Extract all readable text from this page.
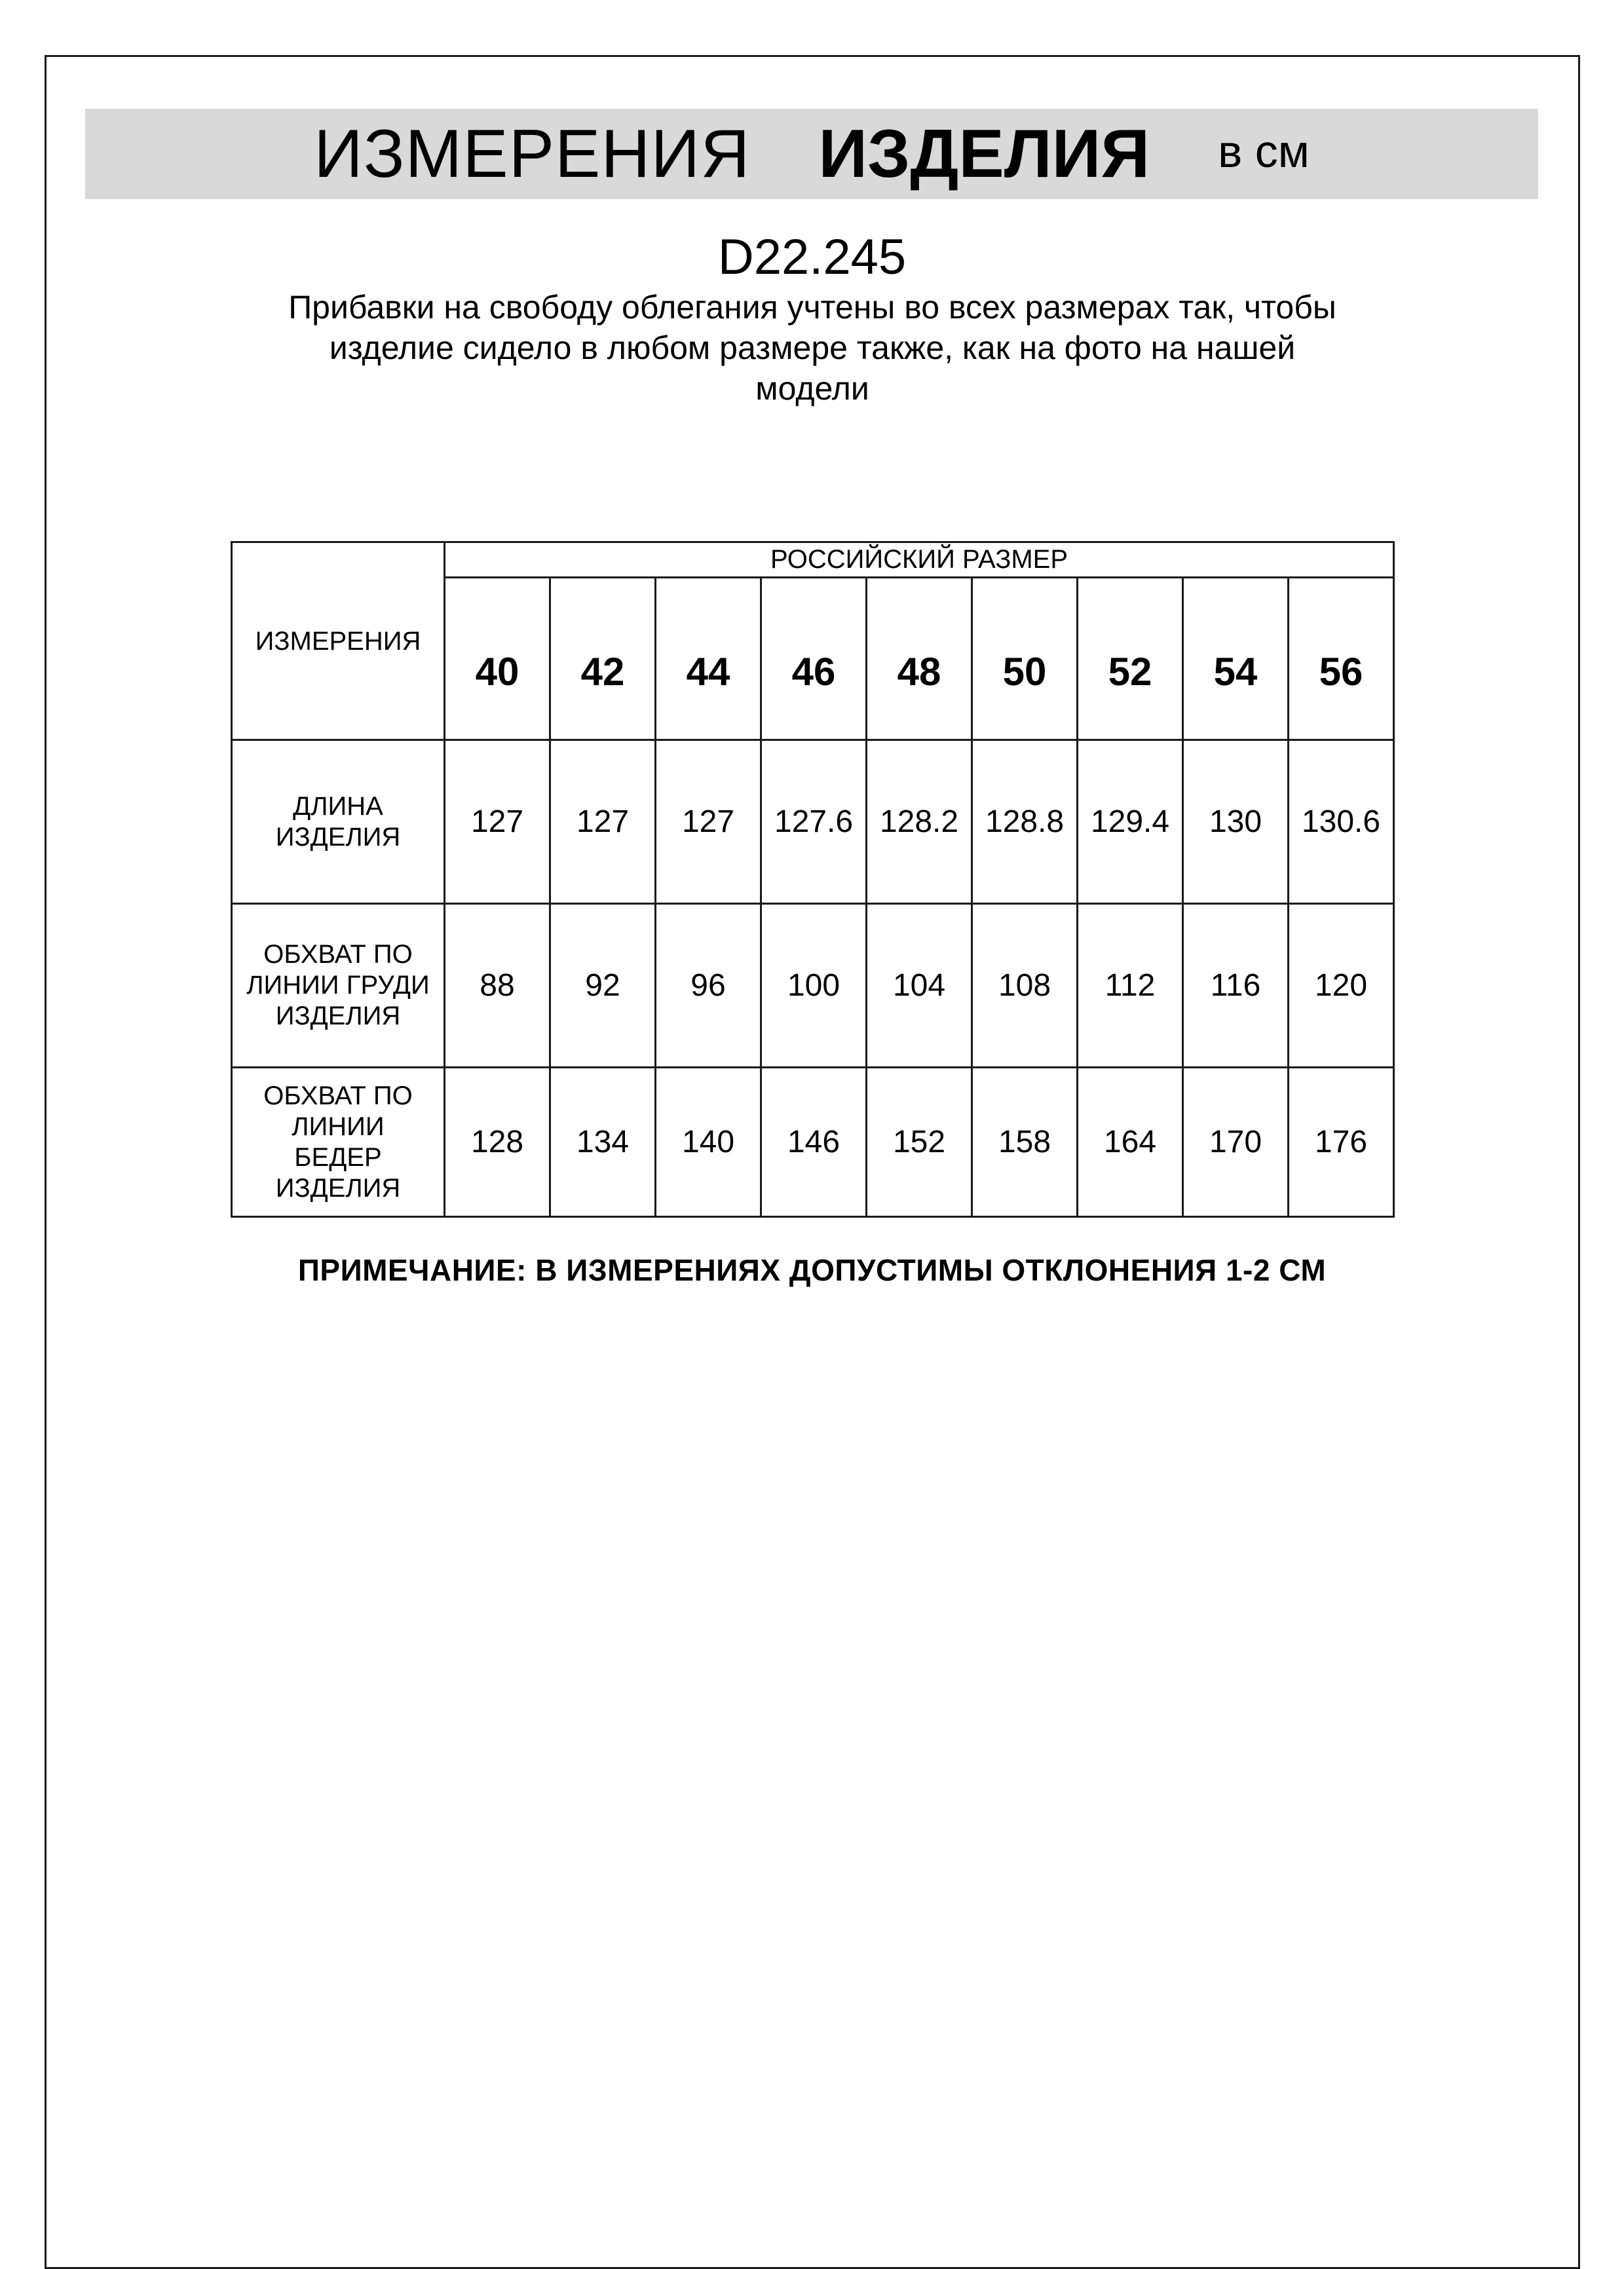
ИЗМЕРЕНИЯ ИЗДЕЛИЯ в см
D22.245
Прибавки на свободу облегания учтены во всех размерах так, чтобы
изделие сидело в любом размере также, как на фото на нашей
модели
ИЗМЕРЕНИЯ	РОССИЙСКИЙ РАЗМЕР								
	40	42	44	46	48	50	52	54	56

ДЛИНА
ИЗДЕЛИЯ	127	127	127	127.6	128.2	128.8	129.4	130	130.6

ОБХВАТ ПО
ЛИНИИ ГРУДИ
ИЗДЕЛИЯ	88	92	96	100	104	108	112	116	120

ОБХВАТ ПО
ЛИНИИ
БЕДЕР
ИЗДЕЛИЯ	128	134	140	146	152	158	164	170	176
ПРИМЕЧАНИЕ: В ИЗМЕРЕНИЯХ ДОПУСТИМЫ ОТКЛОНЕНИЯ 1-2 СМ
